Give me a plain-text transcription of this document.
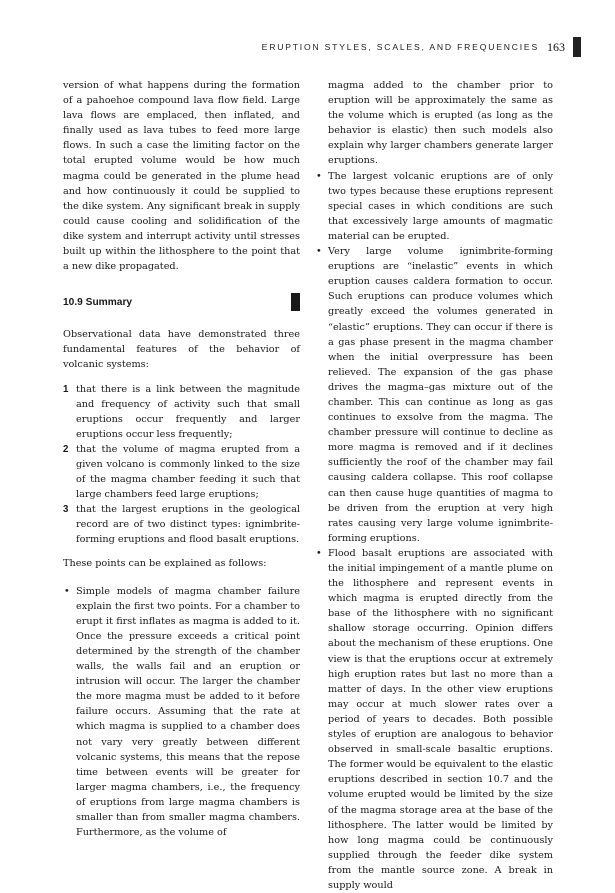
ERUPTION STYLES, SCALES, AND FREQUENCIES 163

version of what happens during the formation of a pahoehoe compound lava flow field. Large lava flows are emplaced, then inflated, and finally used as lava tubes to feed more large flows. In such a case the limiting factor on the total erupted volume would be how much magma could be generated in the plume head and how continuously it could be supplied to the dike system. Any significant break in supply could cause cooling and solidification of the dike system and interrupt activity until stresses built up within the lithosphere to the point that a new dike propagated.

10.9 Summary

Observational data have demonstrated three fundamental features of the behavior of volcanic systems:

1 that there is a link between the magnitude and frequency of activity such that small eruptions occur frequently and larger eruptions occur less frequently;
2 that the volume of magma erupted from a given volcano is commonly linked to the size of the magma chamber feeding it such that large chambers feed large eruptions;
3 that the largest eruptions in the geological record are of two distinct types: ignimbrite-forming eruptions and flood basalt eruptions.

These points can be explained as follows:

• Simple models of magma chamber failure explain the first two points. For a chamber to erupt it first inflates as magma is added to it. Once the pressure exceeds a critical point determined by the strength of the chamber walls, the walls fail and an eruption or intrusion will occur. The larger the chamber the more magma must be added to it before failure occurs. Assuming that the rate at which magma is supplied to a chamber does not vary very greatly between different volcanic systems, this means that the repose time between events will be greater for larger magma chambers, i.e., the frequency of eruptions from large magma chambers is smaller than from smaller magma chambers. Furthermore, as the volume of

magma added to the chamber prior to eruption will be approximately the same as the volume which is erupted (as long as the behavior is elastic) then such models also explain why larger chambers generate larger eruptions.

• The largest volcanic eruptions are of only two types because these eruptions represent special cases in which conditions are such that excessively large amounts of magmatic material can be erupted.
• Very large volume ignimbrite-forming eruptions are “inelastic” events in which eruption causes caldera formation to occur. Such eruptions can produce volumes which greatly exceed the volumes generated in “elastic” eruptions. They can occur if there is a gas phase present in the magma chamber when the initial overpressure has been relieved. The expansion of the gas phase drives the magma–gas mixture out of the chamber. This can continue as long as gas continues to exsolve from the magma. The chamber pressure will continue to decline as more magma is removed and if it declines sufficiently the roof of the chamber may fail causing caldera collapse. This roof collapse can then cause huge quantities of magma to be driven from the eruption at very high rates causing very large volume ignimbrite-forming eruptions.
• Flood basalt eruptions are associated with the initial impingement of a mantle plume on the lithosphere and represent events in which magma is erupted directly from the base of the lithosphere with no significant shallow storage occurring. Opinion differs about the mechanism of these eruptions. One view is that the eruptions occur at extremely high eruption rates but last no more than a matter of days. In the other view eruptions may occur at much slower rates over a period of years to decades. Both possible styles of eruption are analogous to behavior observed in small-scale basaltic eruptions. The former would be equivalent to the elastic eruptions described in section 10.7 and the volume erupted would be limited by the size of the magma storage area at the base of the lithosphere. The latter would be limited by how long magma could be continuously supplied through the feeder dike system from the mantle source zone. A break in supply would
